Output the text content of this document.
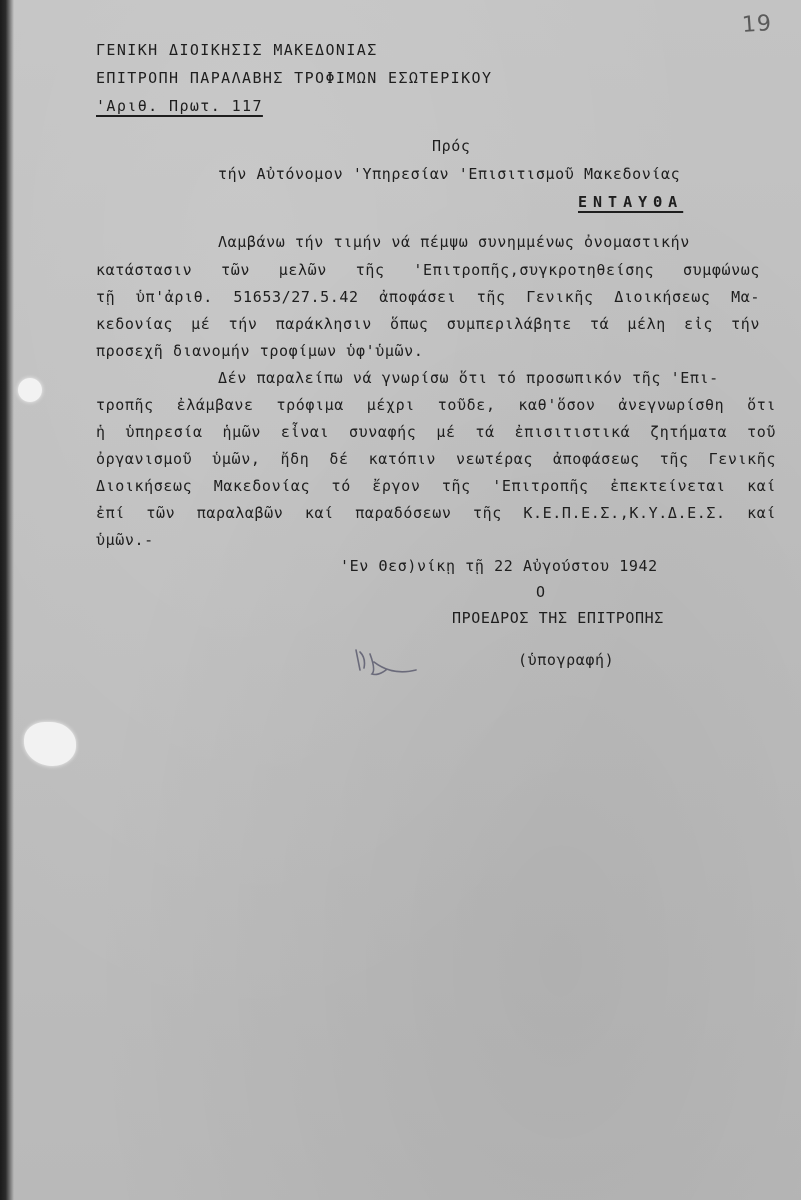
19
ΓΕΝΙΚΗ ΔΙΟΙΚΗΣΙΣ ΜΑΚΕΔΟΝΙΑΣ
ΕΠΙΤΡΟΠΗ ΠΑΡΑΛΑΒΗΣ ΤΡΟΦΙΜΩΝ ΕΣΩΤΕΡΙΚΟΥ
'Αριθ. Πρωτ. 117
Πρός
τήν Αὐτόνομον 'Υπηρεσίαν 'Επισιτισμοῦ Μακεδονίας
ΕΝΤΑΥΘΑ
Λαμβάνω τήν τιμήν νά πέμψω συνημμένως ὀνομαστικήν
κατάστασιν τῶν μελῶν τῆς 'Επιτροπῆς,συγκροτηθείσης συμφώνως
τῇ ὑπ'ἀριθ. 51653/27.5.42 ἀποφάσει τῆς Γενικῆς Διοικήσεως Μα-
κεδονίας μέ τήν παράκλησιν ὅπως συμπεριλάβητε τά μέλη εἰς τήν
προσεχῆ διανομήν τροφίμων ὑφ'ὑμῶν.
Δέν παραλείπω νά γνωρίσω ὅτι τό προσωπικόν τῆς 'Επι-
τροπῆς ἐλάμβανε τρόφιμα μέχρι τοῦδε, καθ'ὅσον ἀνεγνωρίσθη ὅτι
ἡ ὑπηρεσία ἡμῶν εἶναι συναφής μέ τά ἐπισιτιστικά ζητήματα τοῦ
ὀργανισμοῦ ὑμῶν, ἤδη δέ κατόπιν νεωτέρας ἀποφάσεως τῆς Γενικῆς
Διοικήσεως Μακεδονίας τό ἔργον τῆς 'Επιτροπῆς ἐπεκτείνεται καί
ἐπί τῶν παραλαβῶν καί παραδόσεων τῆς Κ.Ε.Π.Ε.Σ.,Κ.Υ.Δ.Ε.Σ. καί
ὑμῶν.-
'Εν Θεσ)νίκῃ τῇ 22 Αὐγούστου 1942
Ο
ΠΡΟΕΔΡΟΣ ΤΗΣ ΕΠΙΤΡΟΠΗΣ
(ὑπογραφή)
